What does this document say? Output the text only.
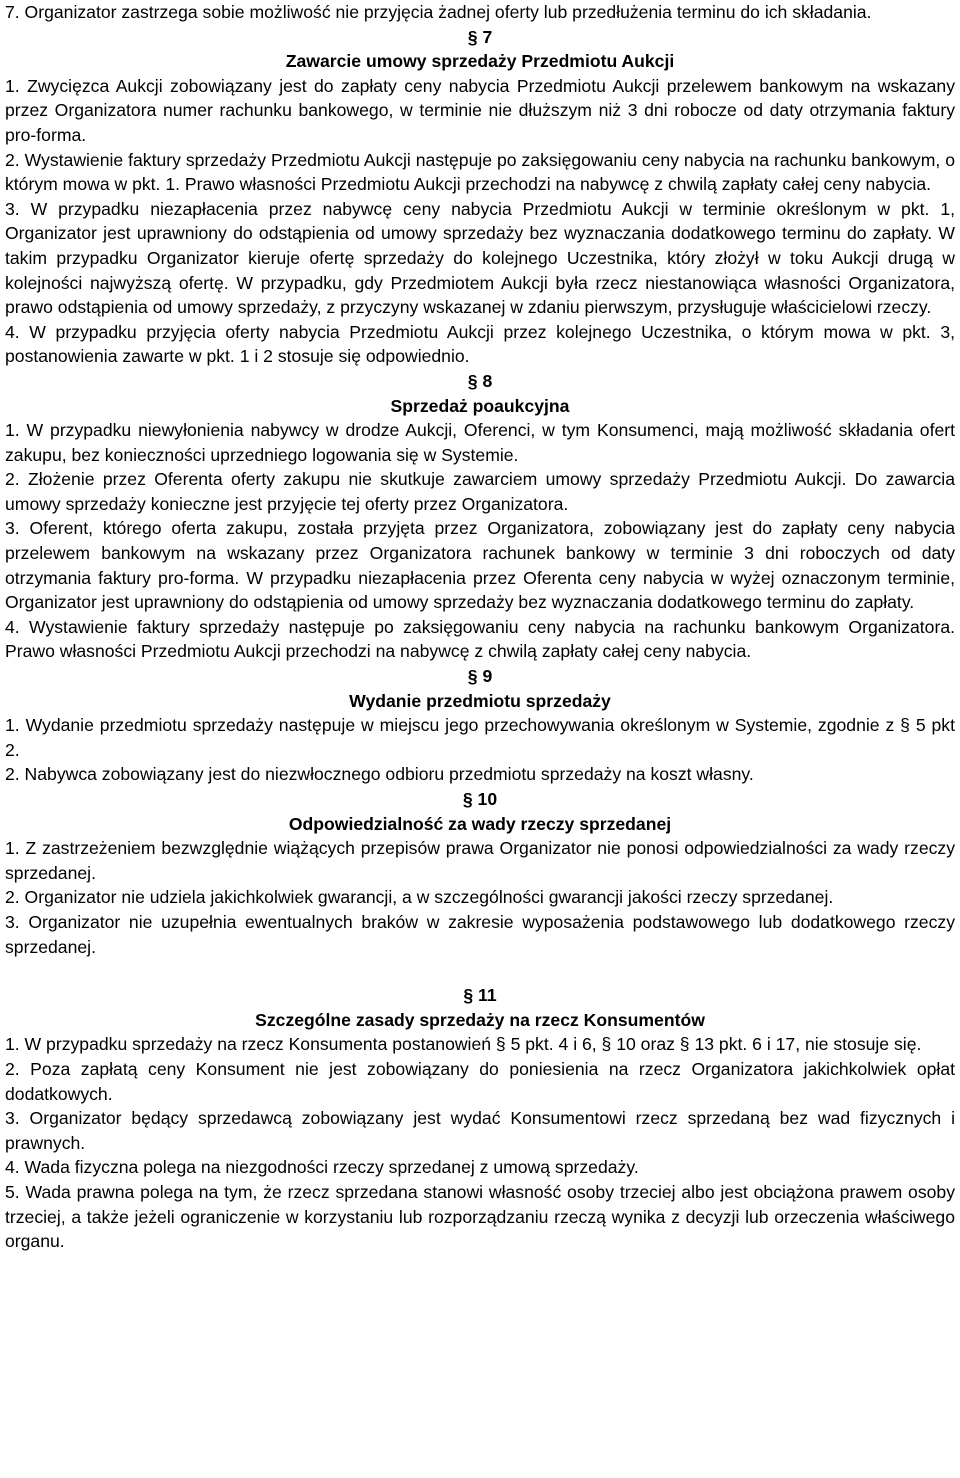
7. Organizator zastrzega sobie możliwość nie przyjęcia żadnej oferty lub przedłużenia terminu do ich składania.

§ 7
Zawarcie umowy sprzedaży Przedmiotu Aukcji

1. Zwycięzca Aukcji zobowiązany jest do zapłaty ceny nabycia Przedmiotu Aukcji przelewem bankowym na wskazany przez Organizatora numer rachunku bankowego, w terminie nie dłuższym niż 3 dni robocze od daty otrzymania faktury pro-forma.

2. Wystawienie faktury sprzedaży Przedmiotu Aukcji następuje po zaksięgowaniu ceny nabycia na rachunku bankowym, o którym mowa w pkt. 1. Prawo własności Przedmiotu Aukcji przechodzi na nabywcę z chwilą zapłaty całej ceny nabycia.

3. W przypadku niezapłacenia przez nabywcę ceny nabycia Przedmiotu Aukcji w terminie określonym w pkt. 1, Organizator jest uprawniony do odstąpienia od umowy sprzedaży bez wyznaczania dodatkowego terminu do zapłaty. W takim przypadku Organizator kieruje ofertę sprzedaży do kolejnego Uczestnika, który złożył w toku Aukcji drugą w kolejności najwyższą ofertę. W przypadku, gdy Przedmiotem Aukcji była rzecz niestanowiąca własności Organizatora, prawo odstąpienia od umowy sprzedaży, z przyczyny wskazanej w zdaniu pierwszym, przysługuje właścicielowi rzeczy.

4. W przypadku przyjęcia oferty nabycia Przedmiotu Aukcji przez kolejnego Uczestnika, o którym mowa w pkt. 3, postanowienia zawarte w pkt. 1 i 2 stosuje się odpowiednio.

§ 8
Sprzedaż poaukcyjna

1. W przypadku niewyłonienia nabywcy w drodze Aukcji, Oferenci, w tym Konsumenci, mają możliwość składania ofert zakupu, bez konieczności uprzedniego logowania się w Systemie.

2. Złożenie przez Oferenta oferty zakupu nie skutkuje zawarciem umowy sprzedaży Przedmiotu Aukcji. Do zawarcia umowy sprzedaży konieczne jest przyjęcie tej oferty przez Organizatora.

3. Oferent, którego oferta zakupu, została przyjęta przez Organizatora, zobowiązany jest do zapłaty ceny nabycia przelewem bankowym na wskazany przez Organizatora rachunek bankowy w terminie 3 dni roboczych od daty otrzymania faktury pro-forma. W przypadku niezapłacenia przez Oferenta ceny nabycia w wyżej oznaczonym terminie, Organizator jest uprawniony do odstąpienia od umowy sprzedaży bez wyznaczania dodatkowego terminu do zapłaty.

4. Wystawienie faktury sprzedaży następuje po zaksięgowaniu ceny nabycia na rachunku bankowym Organizatora. Prawo własności Przedmiotu Aukcji przechodzi na nabywcę z chwilą zapłaty całej ceny nabycia.

§ 9
Wydanie przedmiotu sprzedaży

1. Wydanie przedmiotu sprzedaży następuje w miejscu jego przechowywania określonym w Systemie, zgodnie z § 5 pkt 2.

2. Nabywca zobowiązany jest do niezwłocznego odbioru przedmiotu sprzedaży na koszt własny.

§ 10
Odpowiedzialność za wady rzeczy sprzedanej

1. Z zastrzeżeniem bezwzględnie wiążących przepisów prawa Organizator nie ponosi odpowiedzialności za wady rzeczy sprzedanej.

2. Organizator nie udziela jakichkolwiek gwarancji, a w szczególności gwarancji jakości rzeczy sprzedanej.

3. Organizator nie uzupełnia ewentualnych braków w zakresie wyposażenia podstawowego lub dodatkowego rzeczy sprzedanej.

§ 11
Szczególne zasady sprzedaży na rzecz Konsumentów

1. W przypadku sprzedaży na rzecz Konsumenta postanowień § 5 pkt. 4 i 6, § 10 oraz § 13 pkt. 6 i 17, nie stosuje się.

2. Poza zapłatą ceny Konsument nie jest zobowiązany do poniesienia na rzecz Organizatora jakichkolwiek opłat dodatkowych.

3. Organizator będący sprzedawcą zobowiązany jest wydać Konsumentowi rzecz sprzedaną bez wad fizycznych i prawnych.

4. Wada fizyczna polega na niezgodności rzeczy sprzedanej z umową sprzedaży.

5. Wada prawna polega na tym, że rzecz sprzedana stanowi własność osoby trzeciej albo jest obciążona prawem osoby trzeciej, a także jeżeli ograniczenie w korzystaniu lub rozporządzaniu rzeczą wynika z decyzji lub orzeczenia właściwego organu.
